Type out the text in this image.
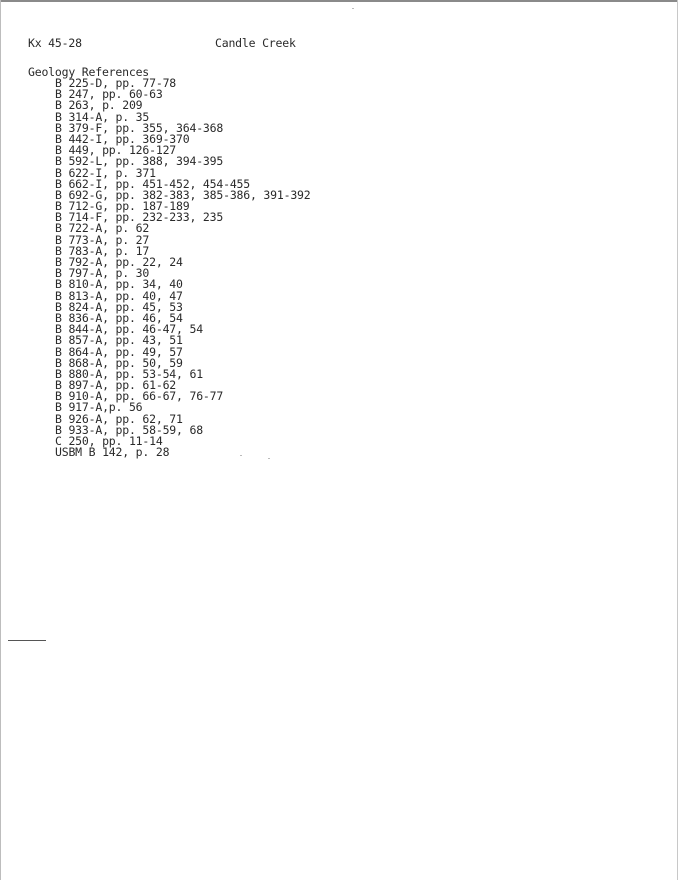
Kx 45-28	Candle Creek
Geology References
B 225-D, pp. 77-78
B 247, pp. 60-63
B 263, p. 209
B 314-A, p. 35
B 379-F, pp. 355, 364-368
B 442-I, pp. 369-370
B 449, pp. 126-127
B 592-L, pp. 388, 394-395
B 622-I, p. 371
B 662-I, pp. 451-452, 454-455
B 692-G, pp. 382-383, 385-386, 391-392
B 712-G, pp. 187-189
B 714-F, pp. 232-233, 235
B 722-A, p. 62
B 773-A, p. 27
B 783-A, p. 17
B 792-A, pp. 22, 24
B 797-A, p. 30
B 810-A, pp. 34, 40
B 813-A, pp. 40, 47
B 824-A, pp. 45, 53
B 836-A, pp. 46, 54
B 844-A, pp. 46-47, 54
B 857-A, pp. 43, 51
B 864-A, pp. 49, 57
B 868-A, pp. 50, 59
B 880-A, pp. 53-54, 61
B 897-A, pp. 61-62
B 910-A, pp. 66-67, 76-77
B 917-A,p. 56
B 926-A, pp. 62, 71
B 933-A, pp. 58-59, 68
C 250, pp. 11-14
USBM B 142, p. 28
